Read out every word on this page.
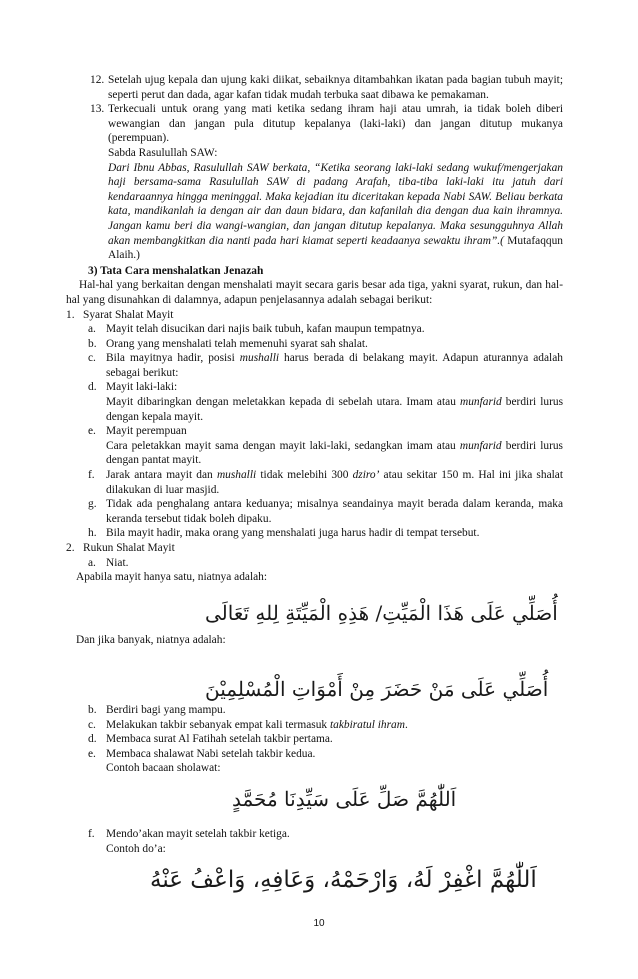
12. Setelah ujug kepala dan ujung kaki diikat, sebaiknya ditambahkan ikatan pada bagian tubuh mayit; seperti perut dan dada, agar kafan tidak mudah terbuka saat dibawa ke pemakaman.
13. Terkecuali untuk orang yang mati ketika sedang ihram haji atau umrah, ia tidak boleh diberi wewangian dan jangan pula ditutup kepalanya (laki-laki) dan jangan ditutup mukanya (perempuan).
Sabda Rasulullah SAW:
Dari Ibnu Abbas, Rasulullah SAW berkata, “Ketika seorang laki-laki sedang wukuf/mengerjakan haji bersama-sama Rasulullah SAW di padang Arafah, tiba-tiba laki-laki itu jatuh dari kendaraannya hingga meninggal. Maka kejadian itu diceritakan kepada Nabi SAW. Beliau berkata kata, mandikanlah ia dengan air dan daun bidara, dan kafanilah dia dengan dua kain ihramnya. Jangan kamu beri dia wangi-wangian, dan jangan ditutup kepalanya. Maka sesungguhnya Allah akan membangkitkan dia nanti pada hari kiamat seperti keadaanya sewaktu ihram”.( Mutafaqqun Alaih.)
3) Tata Cara menshalatkan Jenazah
Hal-hal yang berkaitan dengan menshalati mayit secara garis besar ada tiga, yakni syarat, rukun, dan hal-hal yang disunahkan di dalamnya, adapun penjelasannya adalah sebagai berikut:
1. Syarat Shalat Mayit
a. Mayit telah disucikan dari najis baik tubuh, kafan maupun tempatnya.
b. Orang yang menshalati telah memenuhi syarat sah shalat.
c. Bila mayitnya hadir, posisi mushalli harus berada di belakang mayit. Adapun aturannya adalah sebagai berikut:
d. Mayit laki-laki:
Mayit dibaringkan dengan meletakkan kepada di sebelah utara. Imam atau munfarid berdiri lurus dengan kepala mayit.
e. Mayit perempuan
Cara peletakkan mayit sama dengan mayit laki-laki, sedangkan imam atau munfarid berdiri lurus dengan pantat mayit.
f. Jarak antara mayit dan mushalli tidak melebihi 300 dziro’ atau sekitar 150 m. Hal ini jika shalat dilakukan di luar masjid.
g. Tidak ada penghalang antara keduanya; misalnya seandainya mayit berada dalam keranda, maka keranda tersebut tidak boleh dipaku.
h. Bila mayit hadir, maka orang yang menshalati juga harus hadir di tempat tersebut.
2. Rukun Shalat Mayit
a. Niat.
Apabila mayit hanya satu, niatnya adalah:
أُصَلِّي عَلَى هَذَا الْمَيِّتِ/ هَذِهِ الْمَيِّتَةِ لِلهِ تَعَالَى
Dan jika banyak, niatnya adalah:
أُصَلِّي عَلَى مَنْ حَضَرَ مِنْ أَمْوَاتِ الْمُسْلِمِيْنَ
b. Berdiri bagi yang mampu.
c. Melakukan takbir sebanyak empat kali termasuk takbiratul ihram.
d. Membaca surat Al Fatihah setelah takbir pertama.
e. Membaca shalawat Nabi setelah takbir kedua.
Contoh bacaan sholawat:
اَللّٰهُمَّ صَلِّ عَلَى سَيِّدِنَا مُحَمَّدٍ
f. Mendo’akan mayit setelah takbir ketiga.
Contoh do’a:
اَللّٰهُمَّ اغْفِرْ لَهُ، وَارْحَمْهُ، وَعَافِهِ، وَاعْفُ عَنْهُ
10
